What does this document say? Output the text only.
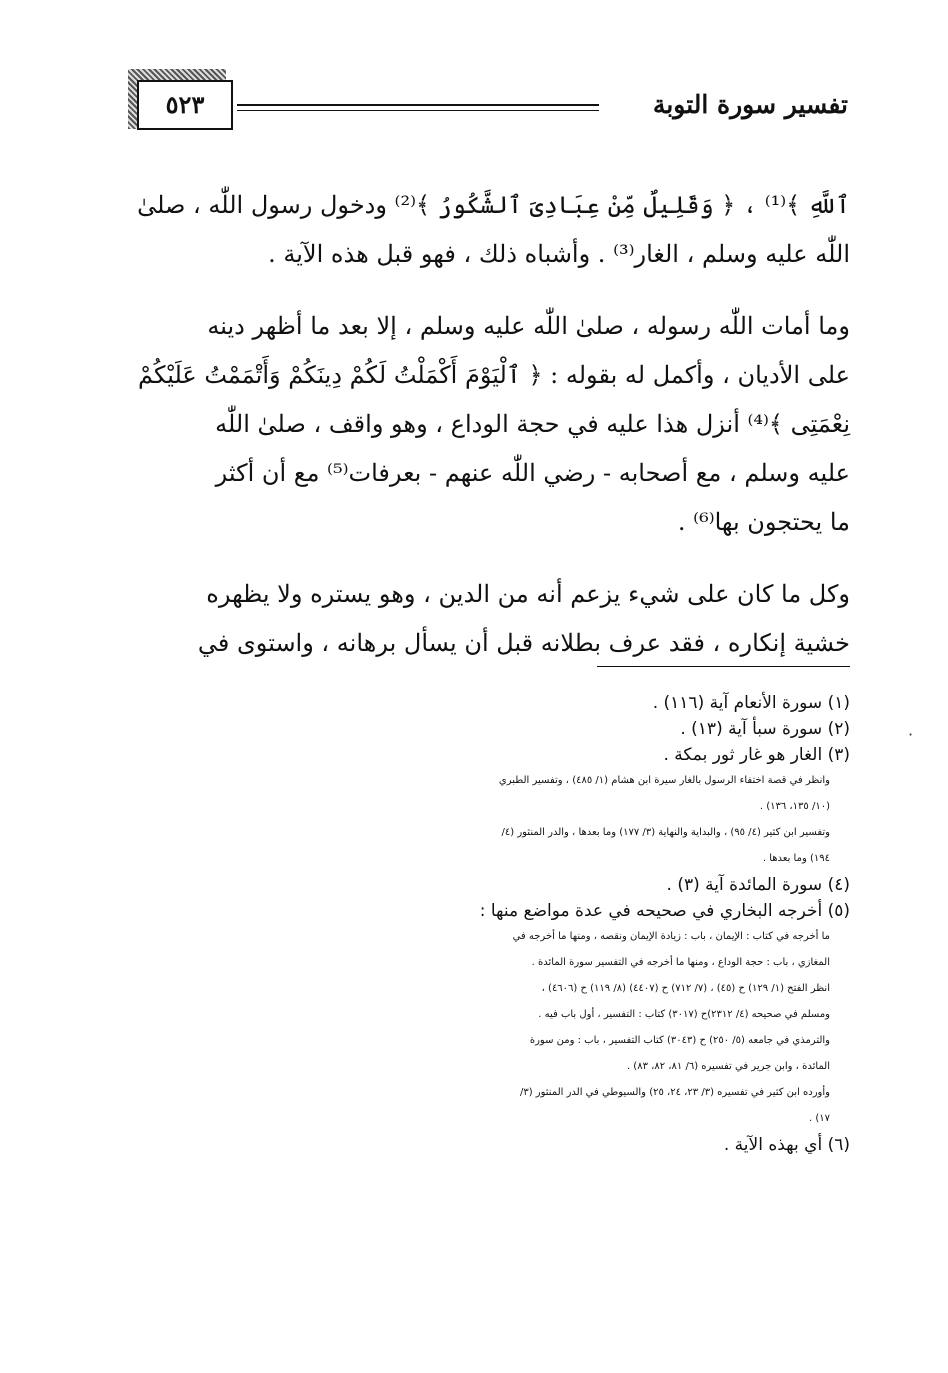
٥٢٣	تفسير سورة التوبة
ٱللَّهِ ﴾⁽¹⁾ ، ﴿ وَقَلِيلٌ مِّنْ عِبَادِىَ ٱلشَّكُورُ ﴾⁽²⁾ ودخول رسول اللّٰه ، صلىٰ
اللّٰه عليه وسلم ، الغار⁽³⁾ . وأشباه ذلك ، فهو قبل هذه الآية .
وما أمات اللّٰه رسوله ، صلىٰ اللّٰه عليه وسلم ، إلا بعد ما أظهر دينه
على الأديان ، وأكمل له بقوله : ﴿ ٱلْيَوْمَ أَكْمَلْتُ لَكُمْ دِينَكُمْ وَأَتْمَمْتُ عَلَيْكُمْ
نِعْمَتِى ﴾⁽⁴⁾ أنزل هذا عليه في حجة الوداع ، وهو واقف ، صلىٰ اللّٰه
عليه وسلم ، مع أصحابه - رضي اللّٰه عنهم - بعرفات⁽⁵⁾ مع أن أكثر
ما يحتجون بها⁽⁶⁾ .
وكل ما كان على شيء يزعم أنه من الدين ، وهو يستره ولا يظهره
خشية إنكاره ، فقد عرف بطلانه قبل أن يسأل برهانه ، واستوى في
(١) سورة الأنعام آية (١١٦) .
(٢) سورة سبأ آية (١٣) .
(٣) الغار هو غار ثور بمكة .
وانظر في قصة اختفاء الرسول بالغار سيرة ابن هشام (١/ ٤٨٥) ، وتفسير الطبري
(١٠/ ١٣٥، ١٣٦) .
وتفسير ابن كثير (٤/ ٩٥) ، والبداية والنهاية (٣/ ١٧٧) وما بعدها ، والدر المنثور (٤/
١٩٤) وما بعدها .
(٤) سورة المائدة آية (٣) .
(٥) أخرجه البخاري في صحيحه في عدة مواضع منها :
ما أخرجه في كتاب : الإيمان ، باب : زيادة الإيمان ونقصه ، ومنها ما أخرجه في
المغازي ، باب : حجة الوداع ، ومنها ما أخرجه في التفسير سورة المائدة .
انظر الفتح (١/ ١٢٩) ح (٤٥) ، (٧/ ٧١٢) ح (٤٤٠٧) (٨/ ١١٩) ح (٤٦٠٦) ،
ومسلم في صحيحه (٤/ ٢٣١٢)ح (٣٠١٧) كتاب : التفسير ، أول باب فيه .
والترمذي في جامعه (٥/ ٢٥٠) ح (٣٠٤٣) كتاب التفسير ، باب : ومن سورة
المائدة ، وابن جرير في تفسيره (٦/ ٨١، ٨٢، ٨٣) .
وأورده ابن كثير في تفسيره (٣/ ٢٣، ٢٤، ٢٥) والسيوطي في الدر المنثور (٣/
١٧) .
(٦) أي بهذه الآية .
·
